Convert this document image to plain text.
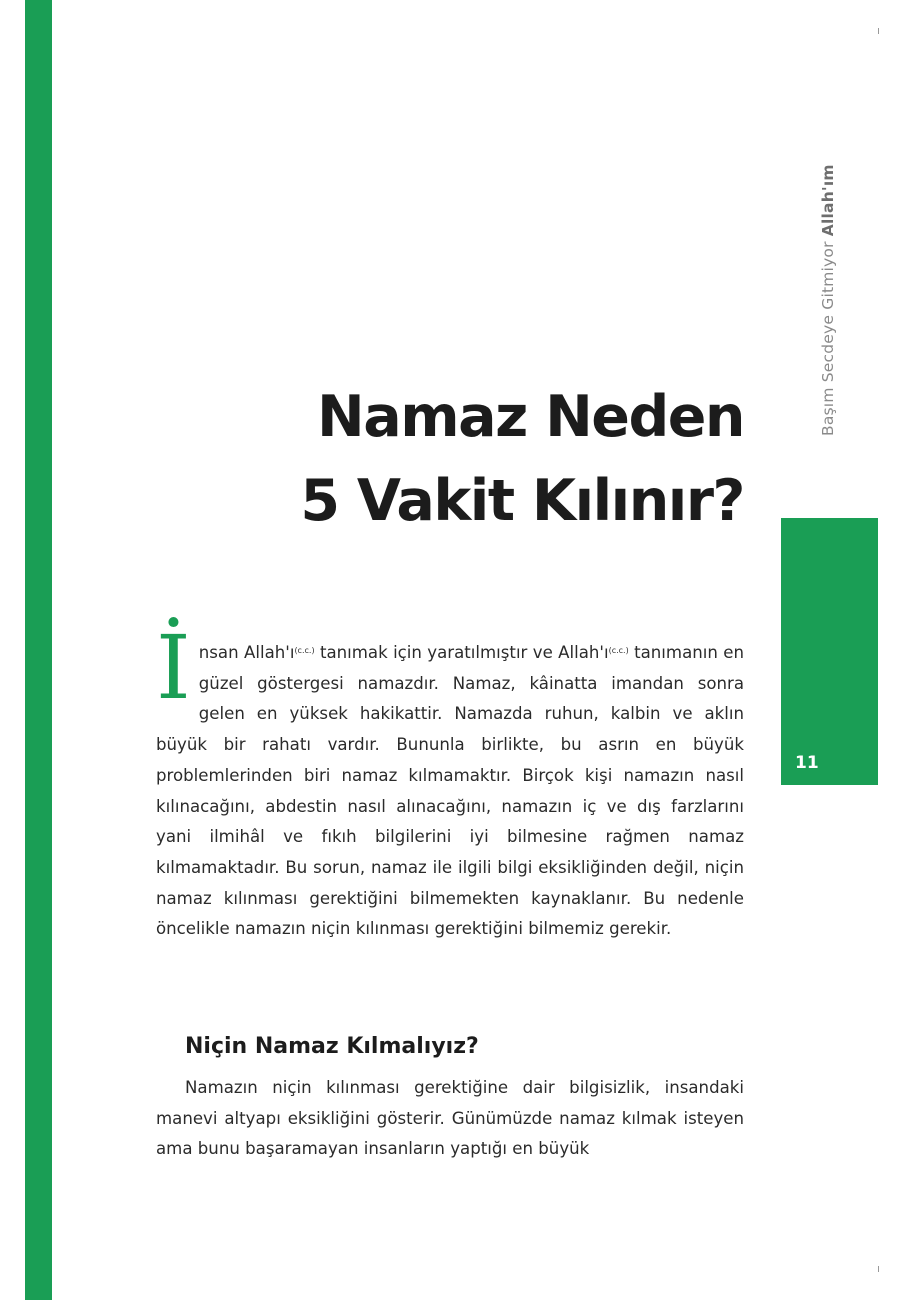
Başım Secdeye Gitmiyor Allah'ım
11
Namaz Neden
5 Vakit Kılınır?
İnsan Allah'ı$^{(c.c.)}$ tanımak için yaratılmıştır ve Allah'ı$^{(c.c.)}$ tanımanın en güzel göstergesi namazdır. Namaz, kâinatta imandan sonra gelen en yüksek hakikattir. Namazda ruhun, kalbin ve aklın büyük bir rahatı vardır. Bununla birlikte, bu asrın en büyük problemlerinden biri namaz kılmamaktır. Birçok kişi namazın nasıl kılınacağını, abdestin nasıl alınacağını, namazın iç ve dış farzlarını yani ilmihâl ve fıkıh bilgilerini iyi bilmesine rağmen namaz kılmamaktadır. Bu sorun, namaz ile ilgili bilgi eksikliğinden değil, niçin namaz kılınması gerektiğini bilmemekten kaynaklanır. Bu nedenle öncelikle namazın niçin kılınması gerektiğini bilmemiz gerekir.
Niçin Namaz Kılmalıyız?
Namazın niçin kılınması gerektiğine dair bilgisizlik, insandaki manevi altyapı eksikliğini gösterir. Günümüzde namaz kılmak isteyen ama bunu başaramayan insanların yaptığı en büyük
